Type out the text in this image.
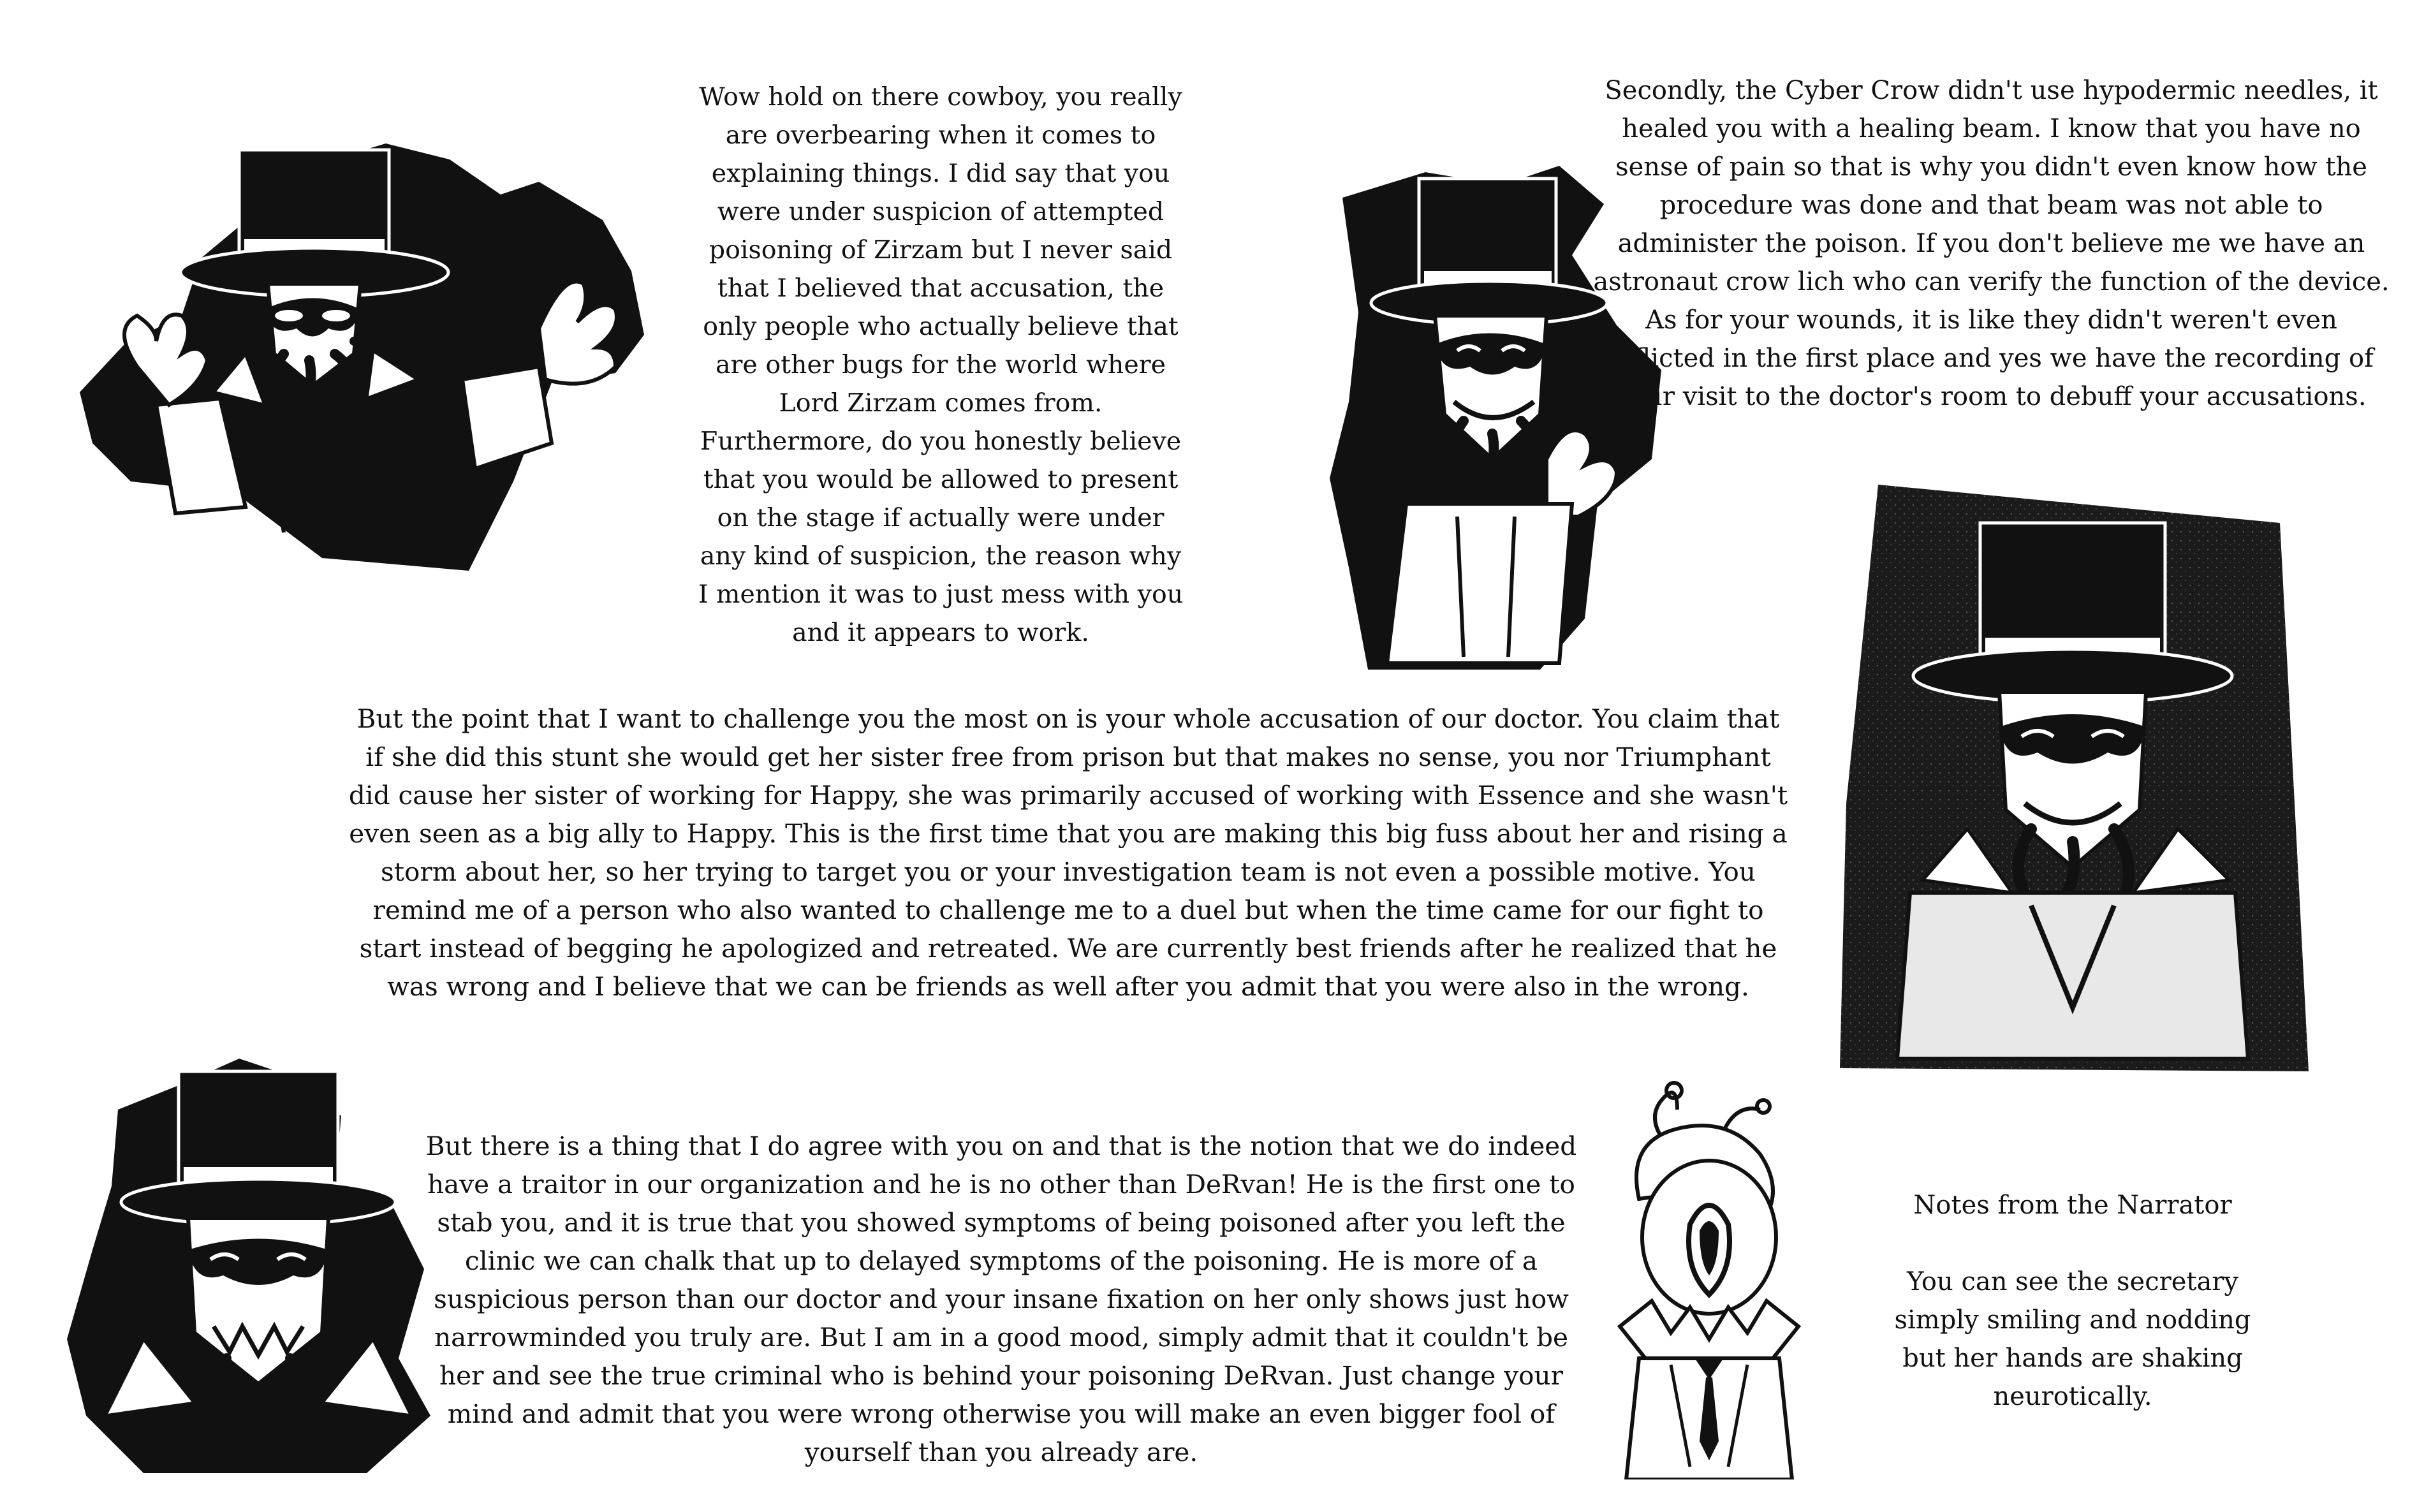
Wow hold on there cowboy, you really are overbearing when it comes to explaining things. I did say that you were under suspicion of attempted poisoning of Zirzam but I never said that I believed that accusation, the only people who actually believe that are other bugs for the world where Lord Zirzam comes from. Furthermore, do you honestly believe that you would be allowed to present on the stage if actually were under any kind of suspicion, the reason why I mention it was to just mess with you and it appears to work.

Secondly, the Cyber Crow didn't use hypodermic needles, it healed you with a healing beam. I know that you have no sense of pain so that is why you didn't even know how the procedure was done and that beam was not able to administer the poison. If you don't believe me we have an astronaut crow lich who can verify the function of the device. As for your wounds, it is like they didn't weren't even inflicted in the first place and yes we have the recording of your visit to the doctor's room to debuff your accusations.

But the point that I want to challenge you the most on is your whole accusation of our doctor. You claim that if she did this stunt she would get her sister free from prison but that makes no sense, you nor Triumphant did cause her sister of working for Happy, she was primarily accused of working with Essence and she wasn't even seen as a big ally to Happy. This is the first time that you are making this big fuss about her and rising a storm about her, so her trying to target you or your investigation team is not even a possible motive. You remind me of a person who also wanted to challenge me to a duel but when the time came for our fight to start instead of begging he apologized and retreated. We are currently best friends after he realized that he was wrong and I believe that we can be friends as well after you admit that you were also in the wrong.

But there is a thing that I do agree with you on and that is the notion that we do indeed have a traitor in our organization and he is no other than DeRvan! He is the first one to stab you, and it is true that you showed symptoms of being poisoned after you left the clinic we can chalk that up to delayed symptoms of the poisoning. He is more of a suspicious person than our doctor and your insane fixation on her only shows just how narrowminded you truly are. But I am in a good mood, simply admit that it couldn't be her and see the true criminal who is behind your poisoning DeRvan. Just change your mind and admit that you were wrong otherwise you will make an even bigger fool of yourself than you already are.

Notes from the Narrator

You can see the secretary simply smiling and nodding but her hands are shaking neurotically.
